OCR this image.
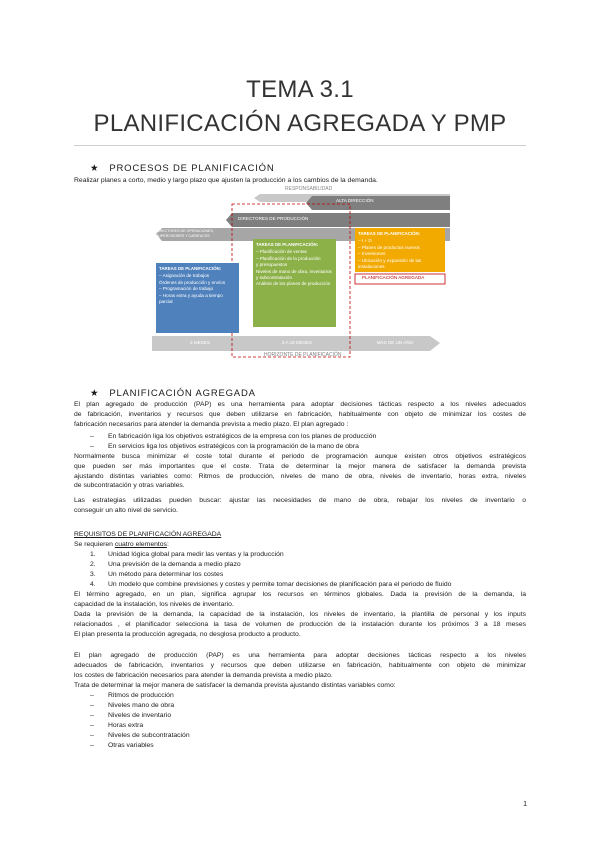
TEMA 3.1
PLANIFICACIÓN AGREGADA Y PMP
★ PROCESOS DE PLANIFICACIÓN
Realizar planes a corto, medio y largo plazo que ajusten la producción a los cambios de la demanda.
RESPONSABILIDAD
ALTA DIRECCIÓN
DIRECTORES DE PRODUCCIÓN
DIRECTORES DE OPERACIONES, SUPERVISORES Y CAPATACES
TAREAS DE PLANIFICACIÓN:
– Asignación de trabajos
Órdenes de producción y envíos
– Programación de trabajo
– Horas extra y ayuda a tiempo parcial
TAREAS DE PLANIFICACIÓN:
– Planificación de ventas
– Planificación de la producción
y presupuestos
Niveles de mano de obra, inventarios y subcontratación
Análisis de los planes de producción
TAREAS DE PLANIFICACIÓN:
– I + D
– Planes de productos nuevos
– Inversiones
– Ubicación y expansión de las instalaciones
PLANIFICACIÓN AGREGADA
3 MESES	3 A 18 MESES	MÁS DE UN AÑO
HORIZONTE DE PLANIFICACIÓN
★ PLANIFICACIÓN AGREGADA
El plan agregado de producción (PAP) es una herramienta para adoptar decisiones tácticas respecto a los niveles adecuados
de fabricación, inventarios y recursos que deben utilizarse en fabricación, habitualmente con objeto de minimizar los costes de
fabricación necesarios para atender la demanda prevista a medio plazo. El plan agregado :
– En fabricación liga los objetivos estratégicos de la empresa con los planes de producción
– En servicios liga los objetivos estratégicos con la programación de la mano de obra
Normalmente busca minimizar el coste total durante el periodo de programación aunque existen otros objetivos estratégicos
que pueden ser más importantes que el coste. Trata de determinar la mejor manera de satisfacer la demanda prevista
ajustando distintas variables como: Ritmos de producción, niveles de mano de obra, niveles de inventario, horas extra, niveles
de subcontratación y otras variables.
Las estrategias utilizadas pueden buscar: ajustar las necesidades de mano de obra, rebajar los niveles de inventario o
conseguir un alto nivel de servicio.
REQUISITOS DE PLANIFICACIÓN AGREGADA
Se requieren cuatro elementos:
1. Unidad lógica global para medir las ventas y la producción
2. Una previsión de la demanda a medio plazo
3. Un método para determinar los costes
4. Un modelo que combine previsiones y costes y permite tomar decisiones de planificación para el periodo de fluido
El término agregado, en un plan, significa agrupar los recursos en términos globales. Dada la previsión de la demanda, la
capacidad de la instalación, los niveles de inventario.
Dada la previsión de la demanda, la capacidad de la instalación, los niveles de inventario, la plantilla de personal y los inputs
relacionados , el planificador selecciona la tasa de volumen de producción de la instalación durante los próximos 3 a 18 meses
El plan presenta la producción agregada, no desglosa producto a producto.
El plan agregado de producción (PAP) es una herramienta para adoptar decisiones tácticas respecto a los niveles
adecuados de fabricación, inventarios y recursos que deben utilizarse en fabricación, habitualmente con objeto de minimizar
los costes de fabricación necesarios para atender la demanda prevista a medio plazo.
Trata de determinar la mejor manera de satisfacer la demanda prevista ajustando distintas variables como:
– Ritmos de producción
– Niveles mano de obra
– Niveles de inventario
– Horas extra
– Niveles de subcontratación
– Otras variables
1
